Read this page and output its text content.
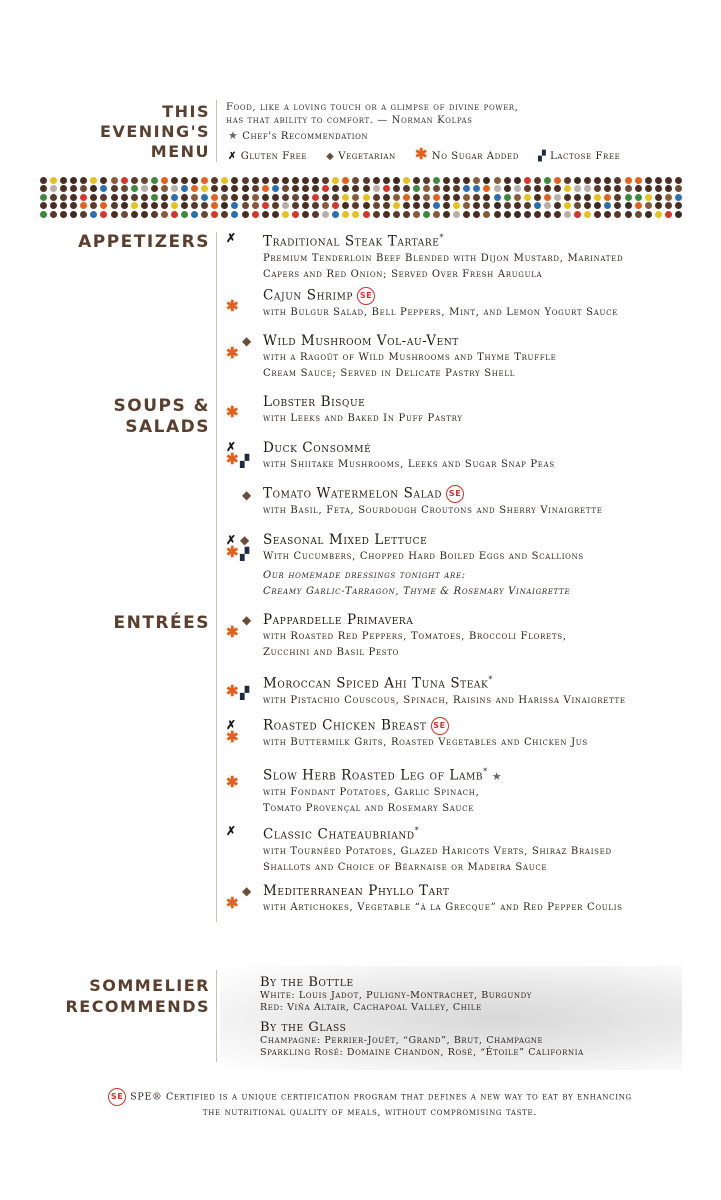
THIS
EVENING'S
MENU
Food, like a loving touch or a glimpse of divine power,
has that ability to comfort. — Norman Kolpas
★ Chef's Recommendation
✗ Gluten Free ◆ Vegetarian ✱ No Sugar Added ▞ Lactose Free
APPETIZERS
SOUPS &
SALADS
ENTRÉES
✗ Traditional Steak Tartare*
Premium Tenderloin Beef Blended with Dijon Mustard, Marinated
Capers and Red Onion; Served Over Fresh Arugula
✱
Cajun Shrimp SE
with Bulgur Salad, Bell Peppers, Mint, and Lemon Yogurt Sauce
◆
✱
Wild Mushroom Vol-au-Vent
with a Ragoût of Wild Mushrooms and Thyme Truffle
Cream Sauce; Served in Delicate Pastry Shell
✱
Lobster Bisque
with Leeks and Baked In Puff Pastry
✗
✱ ▞
Duck Consommé
with Shiitake Mushrooms, Leeks and Sugar Snap Peas
◆ Tomato Watermelon Salad SE
with Basil, Feta, Sourdough Croutons and Sherry Vinaigrette
✗ ◆
✱ ▞
Seasonal Mixed Lettuce
With Cucumbers, Chopped Hard Boiled Eggs and Scallions
Our homemade dressings tonight are:
Creamy Garlic-Tarragon, Thyme & Rosemary Vinaigrette
◆
✱
Pappardelle Primavera
with Roasted Red Peppers, Tomatoes, Broccoli Florets,
Zucchini and Basil Pesto
✱ ▞
Moroccan Spiced Ahi Tuna Steak*
with Pistachio Couscous, Spinach, Raisins and Harissa Vinaigrette
✗
✱
Roasted Chicken Breast SE
with Buttermilk Grits, Roasted Vegetables and Chicken Jus
✱ Slow Herb Roasted Leg of Lamb* ★
with Fondant Potatoes, Garlic Spinach,
Tomato Provençal and Rosemary Sauce
✗ Classic Chateaubriand*
with Tournéed Potatoes, Glazed Haricots Verts, Shiraz Braised
Shallots and Choice of Béarnaise or Madeira Sauce
◆
✱
Mediterranean Phyllo Tart
with Artichokes, Vegetable “à la Grecque” and Red Pepper Coulis
SOMMELIER
RECOMMENDS
By the Bottle
White: Louis Jadot, Puligny-Montrachet, Burgundy
Red: Viña Altair, Cachapoal Valley, Chile
By the Glass
Champagne: Perrier-Jouët, “Grand”, Brut, Champagne
Sparkling Rosé: Domaine Chandon, Rosé, “Étoile” California
SE SPE® Certified is a unique certification program that defines a new way to eat by enhancing
the nutritional quality of meals, without compromising taste.
